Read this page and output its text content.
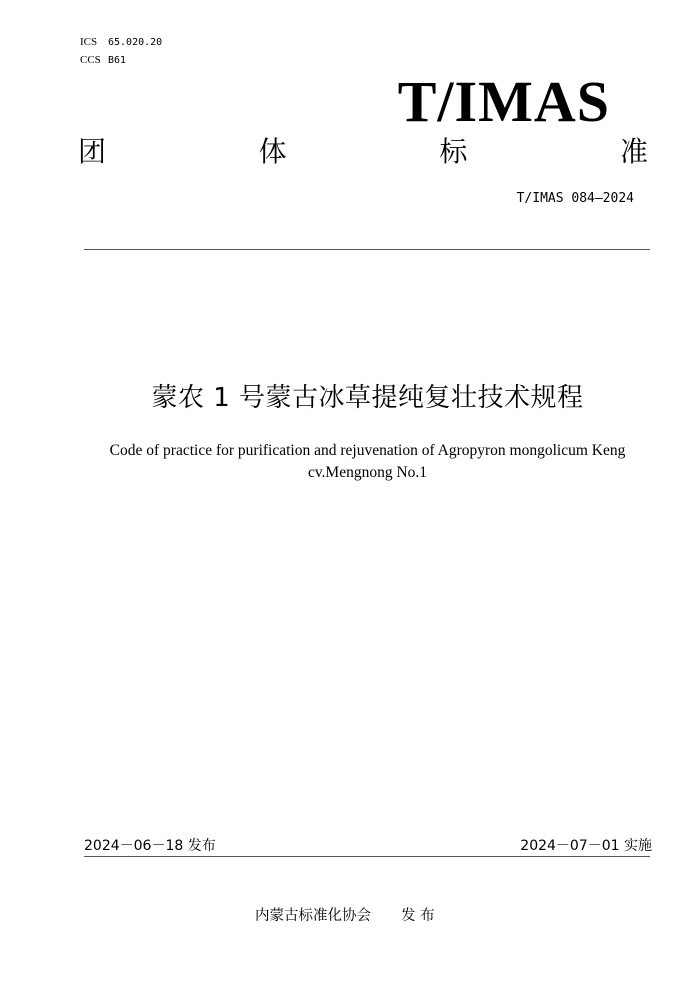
ICS 65.020.20
CCS B61
T/IMAS
团	体	标	准
T/IMAS 084—2024
蒙农 1 号蒙古冰草提纯复壮技术规程
Code of practice for purification and rejuvenation of Agropyron mongolicum Keng cv.Mengnong No.1
2024－06－18 发布	2024－07－01 实施
内蒙古标准化协会 发 布
